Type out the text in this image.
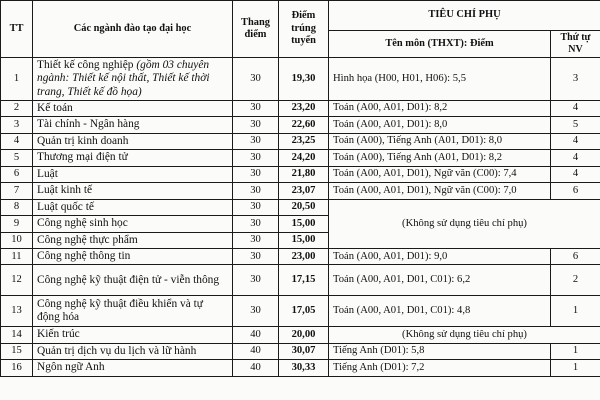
TT	Các ngành đào tạo đại học	Thang điểm	Điểm trúng tuyển	TIÊU CHÍ PHỤ	
				Tên môn (THXT): Điểm	Thứ tự NV
1	Thiết kế công nghiệp (gồm 03 chuyên ngành: Thiết kế nội thất, Thiết kế thời trang, Thiết kế đồ họa)	30	19,30	Hình họa (H00, H01, H06): 5,5	3
2	Kế toán	30	23,20	Toán (A00, A01, D01): 8,2	4
3	Tài chính - Ngân hàng	30	22,60	Toán (A00, A01, D01): 8,0	5
4	Quản trị kinh doanh	30	23,25	Toán (A00), Tiếng Anh (A01, D01): 8,0	4
5	Thương mại điện tử	30	24,20	Toán (A00), Tiếng Anh (A01, D01): 8,2	4
6	Luật	30	21,80	Toán (A00, A01, D01), Ngữ văn (C00): 7,4	4
7	Luật kinh tế	30	23,07	Toán (A00, A01, D01), Ngữ văn (C00): 7,0	6
8	Luật quốc tế	30	20,50	(Không sử dụng tiêu chí phụ)	
9	Công nghệ sinh học	30	15,00		
10	Công nghệ thực phẩm	30	15,00		
11	Công nghệ thông tin	30	23,00	Toán (A00, A01, D01): 9,0	6
12	Công nghệ kỹ thuật điện tử - viễn thông	30	17,15	Toán (A00, A01, D01, C01): 6,2	2
13	Công nghệ kỹ thuật điều khiển và tự động hóa	30	17,05	Toán (A00, A01, D01, C01): 4,8	1
14	Kiến trúc	40	20,00	(Không sử dụng tiêu chí phụ)	
15	Quản trị dịch vụ du lịch và lữ hành	40	30,07	Tiếng Anh (D01): 5,8	1
16	Ngôn ngữ Anh	40	30,33	Tiếng Anh (D01): 7,2	1
